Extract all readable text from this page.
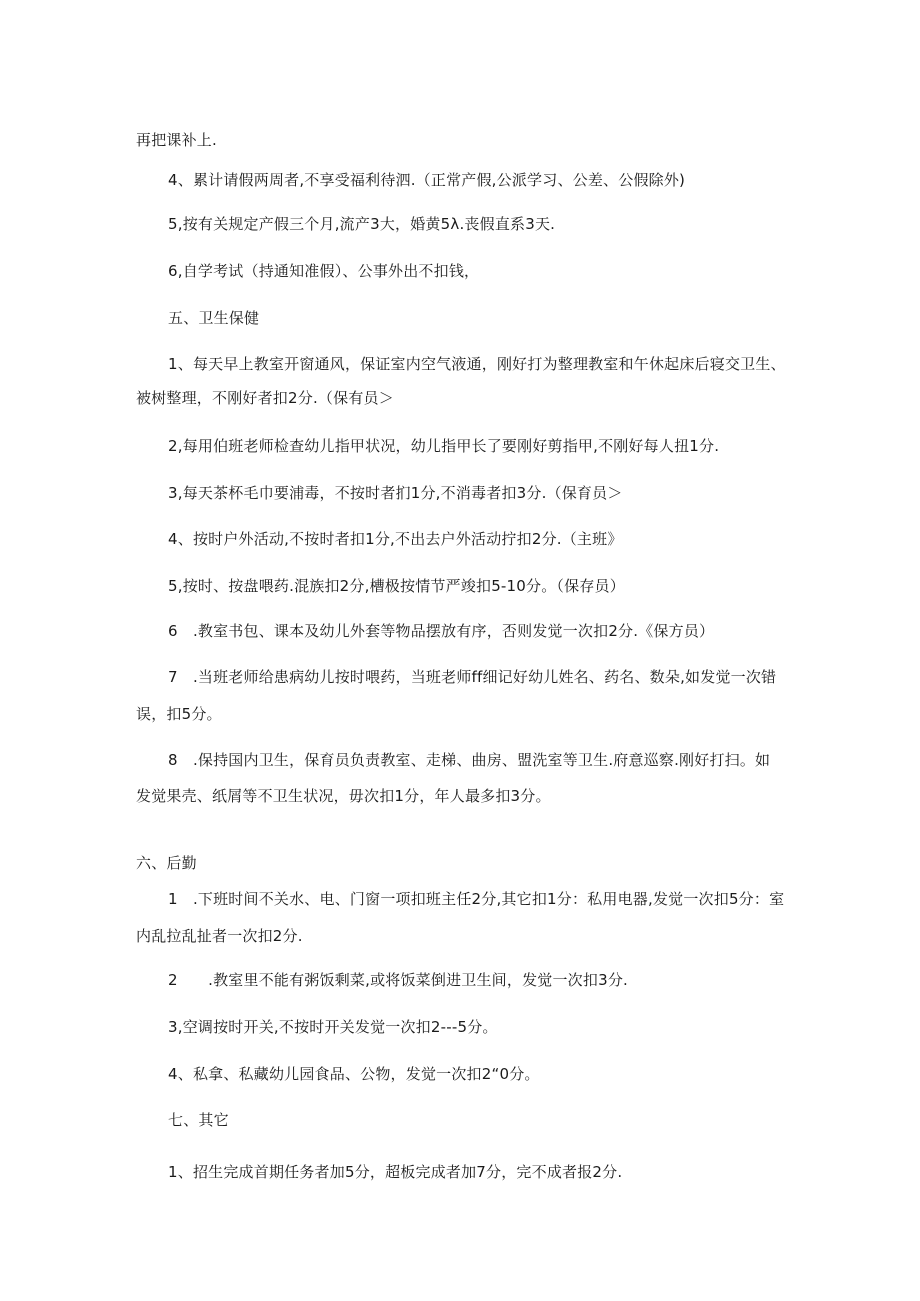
再把课补上.
4、累计请假两周者,不享受福利待泗.（正常产假,公派学习、公差、公假除外)
5,按有关规定产假三个月,流产3大，婚黄5λ.丧假直系3天.
6,自学考试（持通知准假）、公事外出不扣钱，
五、卫生保健
1、每天早上教室开窗通风，保证室内空气液通，刚好打为整理教室和午休起床后寝交卫生、
被树整理，不刚好者扣2分.（保有员＞
2,每用伯班老师检查幼儿指甲状况，幼儿指甲长了要刚好剪指甲,不刚好每人扭1分.
3,每天茶杯毛巾要浦毒，不按时者扪1分,不消毒者扣3分.（保育员＞
4、按时户外活动,不按时者扣1分,不出去户外活动拧扣2分.（主班》
5,按时、按盘喂药.混族扣2分,槽极按情节严竣扣5-10分。（保存员）
6　.教室书包、课本及幼儿外套等物品摆放有序，否则发觉一次扣2分.《保方员）
7　.当班老师给患病幼儿按时喂药，当班老师ff细记好幼儿姓名、药名、数朵,如发觉一次错
误，扣5分。
8　.保持国内卫生，保育员负责教室、走梯、曲房、盟洗室等卫生.府意巡察.刚好打扫。如
发觉果壳、纸屑等不卫生状况，毋次扣1分，年人最多扣3分。
六、后勤
1　.下班时间不关水、电、门窗一项扣班主任2分,其它扣1分：私用电器,发觉一次扣5分：室
内乱拉乱扯者一次扣2分.
2　　.教室里不能有粥饭剩菜,或将饭菜倒进卫生间，发觉一次扣3分.
3,空调按时开关,不按时开关发觉一次扣2---5分。
4、私拿、私藏幼儿园食品、公物，发觉一次扣2“0分。
七、其它
1、招生完成首期任务者加5分，超板完成者加7分，完不成者报2分.
